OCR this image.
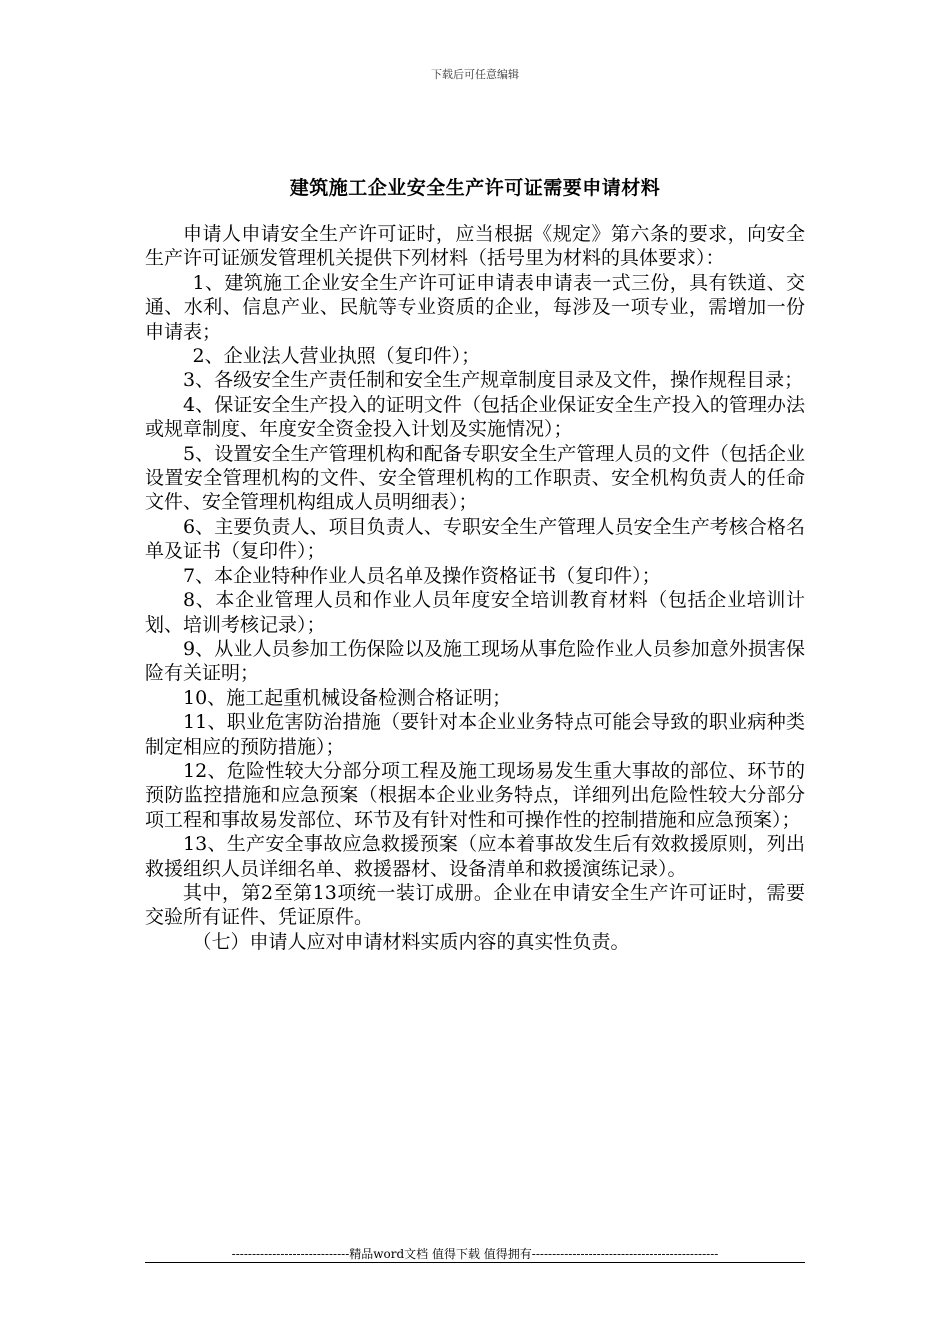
下载后可任意编辑
建筑施工企业安全生产许可证需要申请材料

申请人申请安全生产许可证时，应当根据《规定》第六条的要求，向安全生产许可证颁发管理机关提供下列材料（括号里为材料的具体要求）：

1、建筑施工企业安全生产许可证申请表申请表一式三份，具有铁道、交通、水利、信息产业、民航等专业资质的企业，每涉及一项专业，需增加一份申请表；

2、企业法人营业执照（复印件）；

3、各级安全生产责任制和安全生产规章制度目录及文件，操作规程目录；

4、保证安全生产投入的证明文件（包括企业保证安全生产投入的管理办法或规章制度、年度安全资金投入计划及实施情况）；

5、设置安全生产管理机构和配备专职安全生产管理人员的文件（包括企业设置安全管理机构的文件、安全管理机构的工作职责、安全机构负责人的任命文件、安全管理机构组成人员明细表）；

6、主要负责人、项目负责人、专职安全生产管理人员安全生产考核合格名单及证书（复印件）；

7、本企业特种作业人员名单及操作资格证书（复印件）；

8、本企业管理人员和作业人员年度安全培训教育材料（包括企业培训计划、培训考核记录）；

9、从业人员参加工伤保险以及施工现场从事危险作业人员参加意外损害保险有关证明；

10、施工起重机械设备检测合格证明；

11、职业危害防治措施（要针对本企业业务特点可能会导致的职业病种类制定相应的预防措施）；

12、危险性较大分部分项工程及施工现场易发生重大事故的部位、环节的预防监控措施和应急预案（根据本企业业务特点，详细列出危险性较大分部分项工程和事故易发部位、环节及有针对性和可操作性的控制措施和应急预案）；

13、生产安全事故应急救援预案（应本着事故发生后有效救援原则，列出救援组织人员详细名单、救援器材、设备清单和救援演练记录）。

其中，第2至第13项统一装订成册。企业在申请安全生产许可证时，需要交验所有证件、凭证原件。

（七）申请人应对申请材料实质内容的真实性负责。

-----------------------------精品word文档 值得下载 值得拥有----------------------------------------------
